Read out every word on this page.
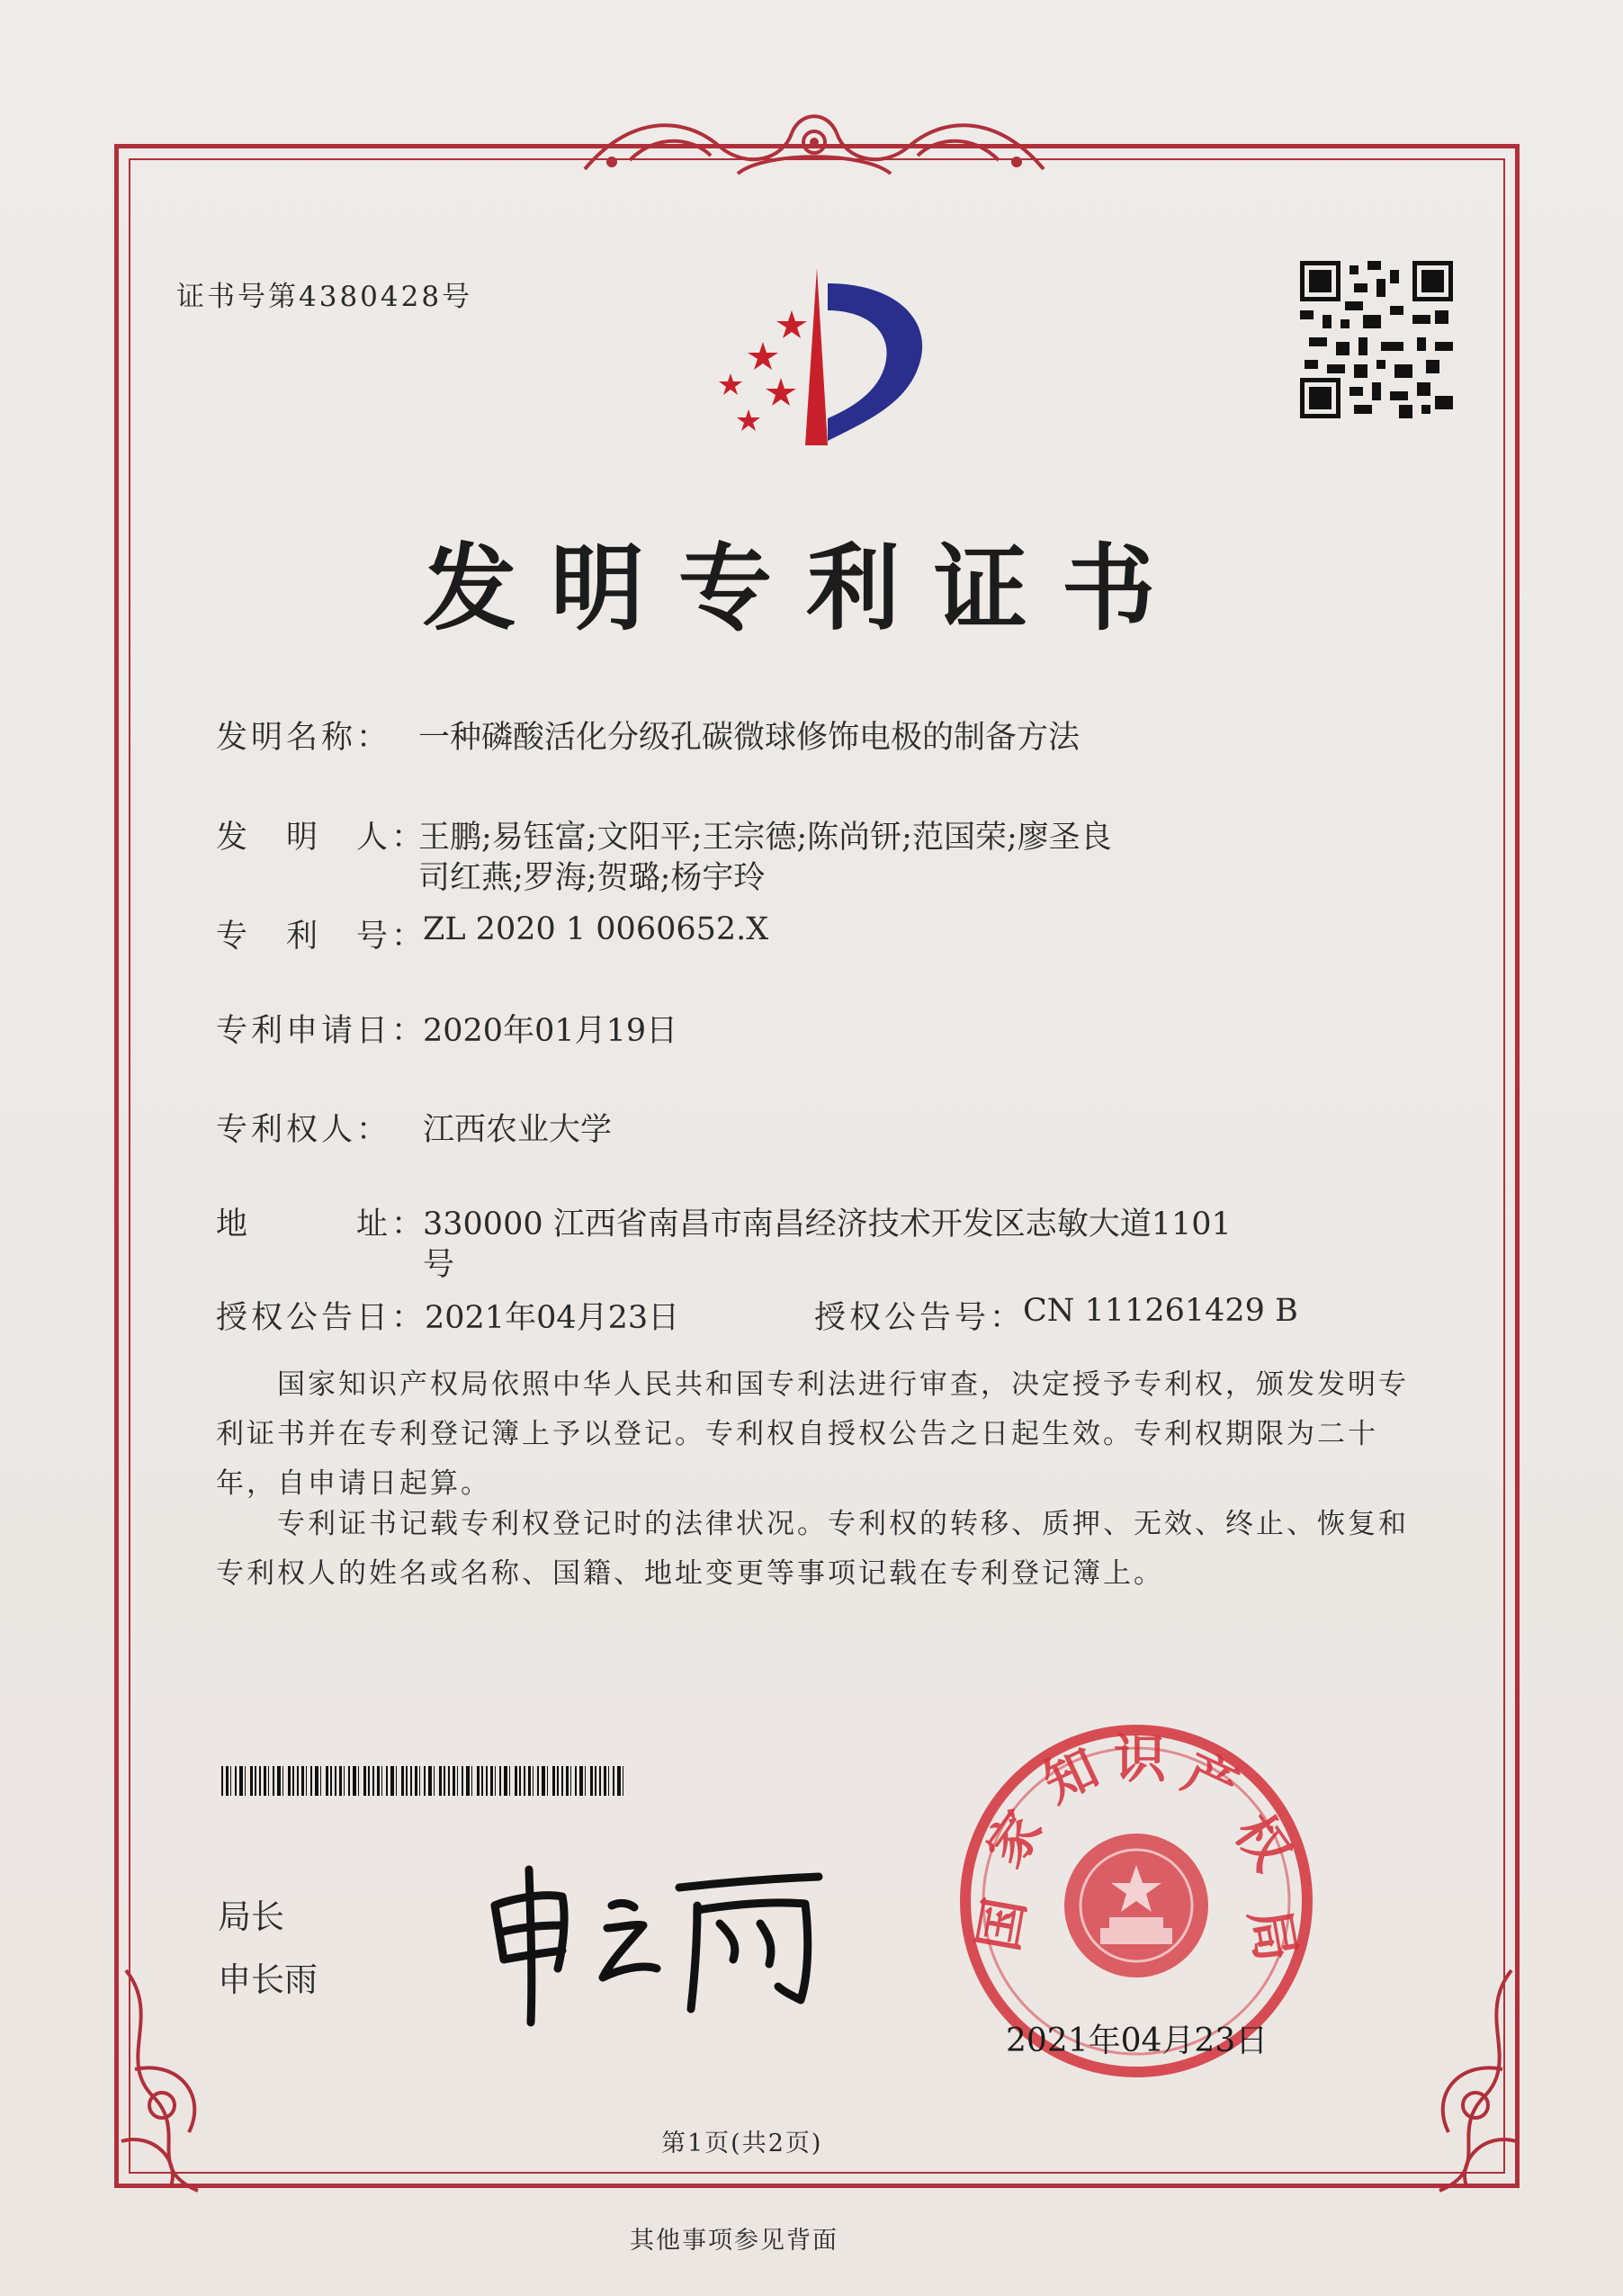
证书号第4380428号
发明专利证书
发明名称： 一种磷酸活化分级孔碳微球修饰电极的制备方法
发　明　人：
王鹏;易钰富;文阳平;王宗德;陈尚钘;范国荣;廖圣良
司红燕;罗海;贺璐;杨宇玲
专　利　号：
ZL 2020 1 0060652.X
专利申请日：
2020年01月19日
专利权人： 江西农业大学
地　　　址：
330000 江西省南昌市南昌经济技术开发区志敏大道1101
号
授权公告日：
2021年04月23日	授权公告号：
CN 111261429 B
国家知识产权局依照中华人民共和国专利法进行审查，决定授予专利权，颁发发明专利证书并在专利登记簿上予以登记。专利权自授权公告之日起生效。专利权期限为二十年，自申请日起算。
专利证书记载专利权登记时的法律状况。专利权的转移、质押、无效、终止、恢复和专利权人的姓名或名称、国籍、地址变更等事项记载在专利登记簿上。
局长
申长雨
国
家
知 识 产
权
局
2021年04月23日
第1页(共2页)
其他事项参见背面
